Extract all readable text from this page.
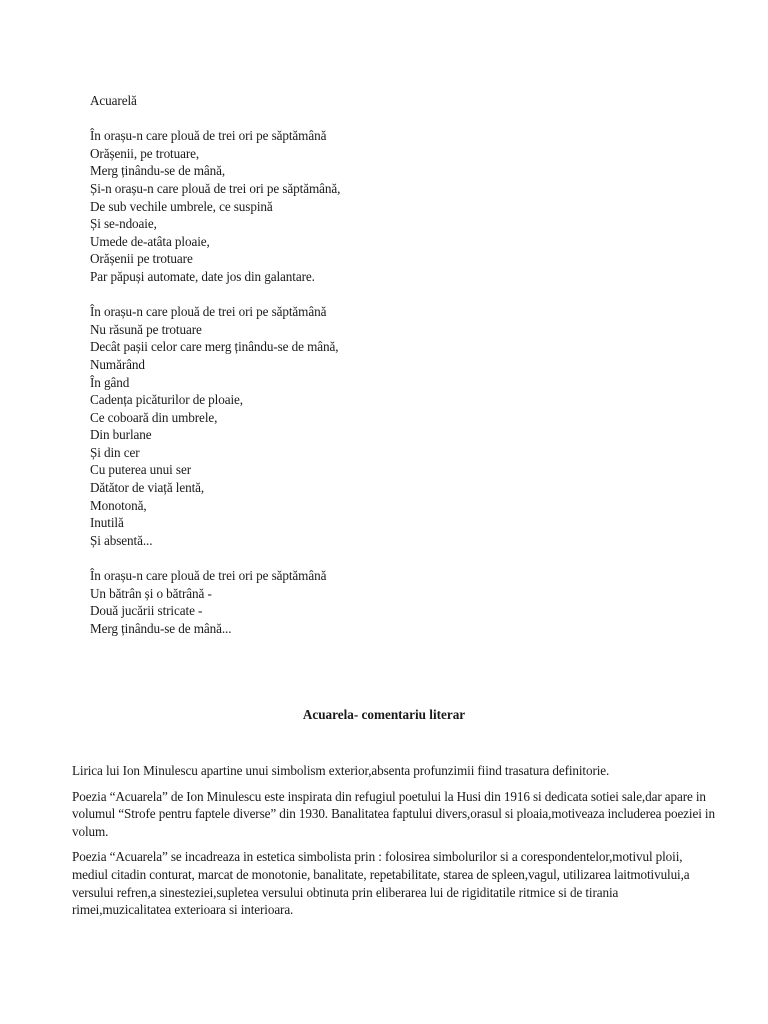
Acuarelă
În orașu-n care plouă de trei ori pe săptămână
Orășenii, pe trotuare,
Merg ținându-se de mână,
Și-n orașu-n care plouă de trei ori pe săptămână,
De sub vechile umbrele, ce suspină
Și se-ndoaie,
Umede de-atâta ploaie,
Orășenii pe trotuare
Par păpuși automate, date jos din galantare.
În orașu-n care plouă de trei ori pe săptămână
Nu răsună pe trotuare
Decât pașii celor care merg ținându-se de mână,
Numărând
În gând
Cadența picăturilor de ploaie,
Ce coboară din umbrele,
Din burlane
Și din cer
Cu puterea unui ser
Dătător de viață lentă,
Monotonă,
Inutilă
Și absentă...
În orașu-n care plouă de trei ori pe săptămână
Un bătrân și o bătrână -
Două jucării stricate -
Merg ținându-se de mână...
Acuarela- comentariu literar

Lirica lui Ion Minulescu apartine unui simbolism exterior,absenta profunzimii fiind trasatura definitorie.

Poezia “Acuarela” de Ion Minulescu este inspirata din refugiul poetului la Husi din 1916 si dedicata sotiei sale,dar apare in volumul “Strofe pentru faptele diverse” din 1930. Banalitatea faptului divers,orasul si ploaia,motiveaza includerea poeziei in volum.

Poezia “Acuarela” se incadreaza in estetica simbolista prin : folosirea simbolurilor si a corespondentelor,motivul ploii, mediul citadin conturat, marcat de monotonie, banalitate, repetabilitate, starea de spleen,vagul, utilizarea laitmotivului,a versului refren,a sinesteziei,supletea versului obtinuta prin eliberarea lui de rigiditatile ritmice si de tirania rimei,muzicalitatea exterioara si interioara.
